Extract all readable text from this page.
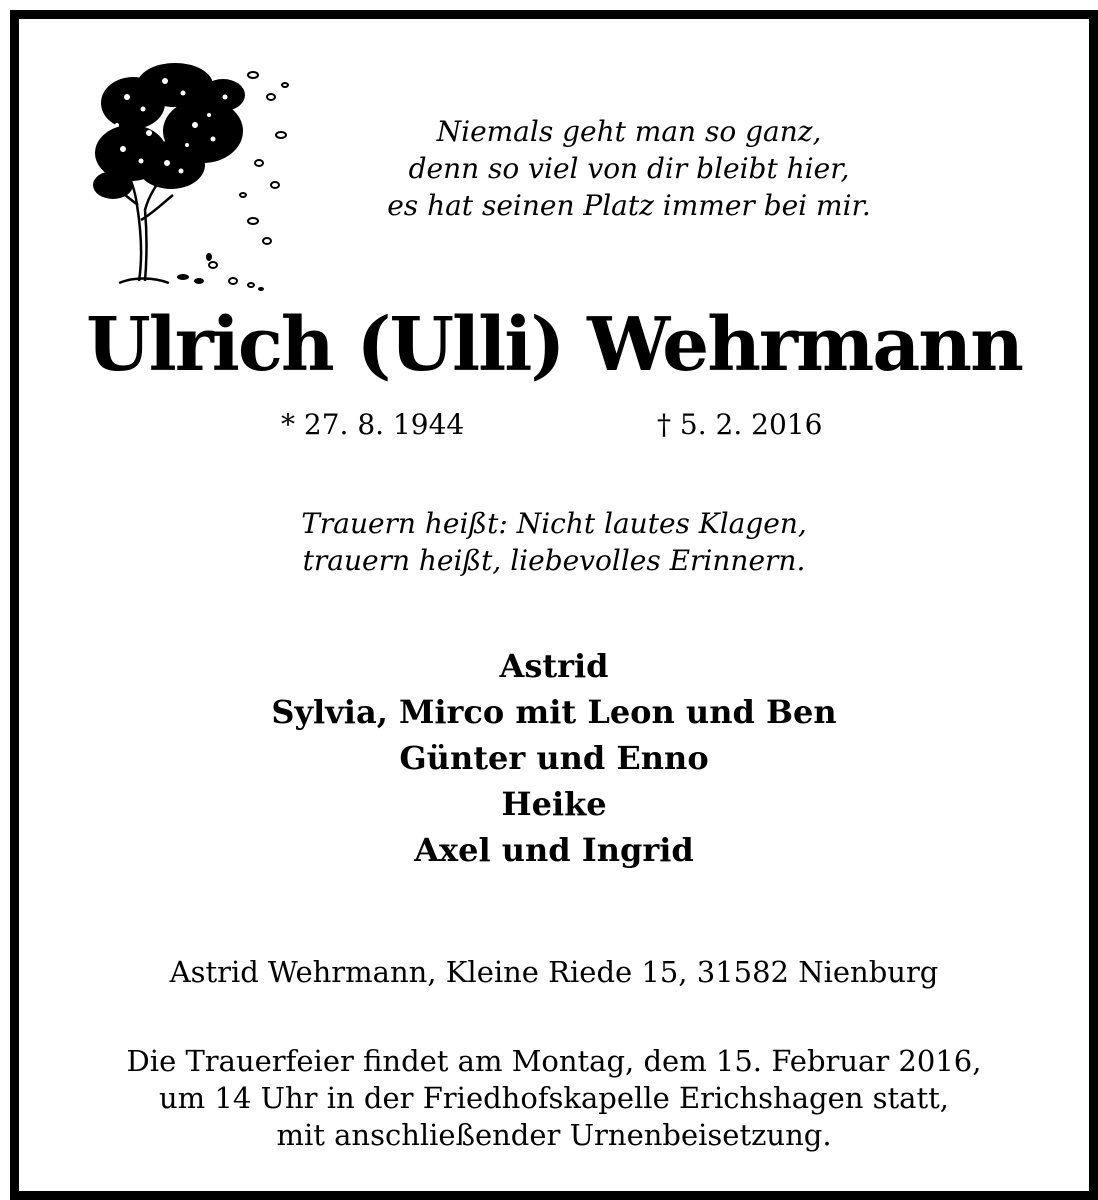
Niemals geht man so ganz,
denn so viel von dir bleibt hier,
es hat seinen Platz immer bei mir.
Ulrich (Ulli) Wehrmann
* 27. 8. 1944	† 5. 2. 2016
Trauern heißt: Nicht lautes Klagen,
trauern heißt, liebevolles Erinnern.
Astrid
Sylvia, Mirco mit Leon und Ben
Günter und Enno
Heike
Axel und Ingrid
Astrid Wehrmann, Kleine Riede 15, 31582 Nienburg
Die Trauerfeier findet am Montag, dem 15. Februar 2016,
um 14 Uhr in der Friedhofskapelle Erichshagen statt,
mit anschließender Urnenbeisetzung.
